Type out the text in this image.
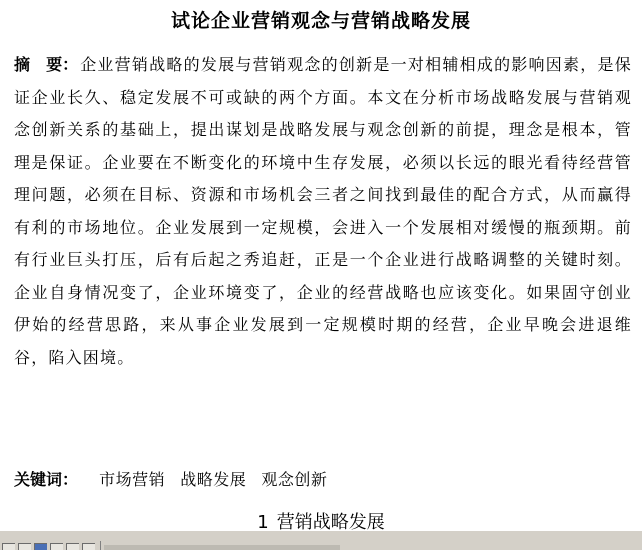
试论企业营销观念与营销战略发展
摘　要： 企业营销战略的发展与营销观念的创新是一对相辅相成的影响因素，是保证企业长久、稳定发展不可或缺的两个方面。本文在分析市场战略发展与营销观念创新关系的基础上，提出谋划是战略发展与观念创新的前提，理念是根本，管理是保证。企业要在不断变化的环境中生存发展，必须以长远的眼光看待经营管理问题，必须在目标、资源和市场机会三者之间找到最佳的配合方式，从而赢得有利的市场地位。企业发展到一定规模，会进入一个发展相对缓慢的瓶颈期。前有行业巨头打压，后有后起之秀追赶，正是一个企业进行战略调整的关键时刻。企业自身情况变了，企业环境变了，企业的经营战略也应该变化。如果固守创业伊始的经营思路，来从事企业发展到一定规模时期的经营，企业早晚会进退维谷，陷入困境。
关键词： 市场营销 战略发展 观念创新
1 营销战略发展
